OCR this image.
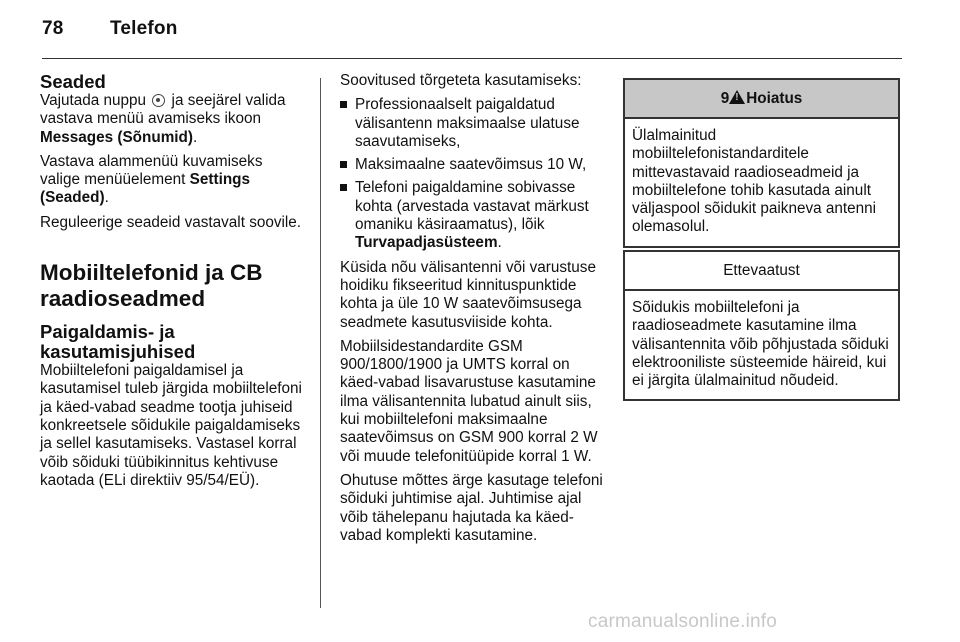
78 Telefon
Seaded

Vajutada nuppu ja seejärel valida vastava menüü avamiseks ikoon Messages (Sõnumid).

Vastava alammenüü kuvamiseks valige menüüelement Settings (Seaded).

Reguleerige seadeid vastavalt soovile.

Mobiiltelefonid ja CB raadioseadmed
Paigaldamis- ja kasutamisjuhised

Mobiiltelefoni paigaldamisel ja kasutamisel tuleb järgida mobiiltelefoni ja käed-vabad seadme tootja juhiseid konkreetsele sõidukile paigaldamiseks ja sellel kasutamiseks. Vastasel korral võib sõiduki tüübikinnitus kehtivuse kaotada (ELi direktiiv 95/54/EÜ).

Soovitused tõrgeteta kasutamiseks:

Professionaalselt paigaldatud välisantenn maksimaalse ulatuse saavutamiseks,
Maksimaalne saatevõimsus 10 W,
Telefoni paigaldamine sobivasse kohta (arvestada vastavat märkust omaniku käsiraamatus), lõik Turvapadjasüsteem.

Küsida nõu välisantenni või varustuse hoidiku fikseeritud kinnituspunktide kohta ja üle 10 W saatevõimsusega seadmete kasutusviiside kohta.

Mobiilsidestandardite GSM 900/1800/1900 ja UMTS korral on käed-vabad lisavarustuse kasutamine ilma välisantennita lubatud ainult siis, kui mobiiltelefoni maksimaalne saatevõimsus on GSM 900 korral 2 W või muude telefonitüüpide korral 1 W.

Ohutuse mõttes ärge kasutage telefoni sõiduki juhtimise ajal. Juhtimise ajal võib tähelepanu hajutada ka käed-vabad komplekti kasutamine.

9! Hoiatus
Ülalmainitud mobiiltelefonistandarditele mittevastavaid raadioseadmeid ja mobiiltelefone tohib kasutada ainult väljaspool sõidukit paikneva antenni olemasolul.
Ettevaatust
Sõidukis mobiiltelefoni ja raadioseadmete kasutamine ilma välisantennita võib põhjustada sõiduki elektrooniliste süsteemide häireid, kui ei järgita ülalmainitud nõudeid.
carmanualsonline.info
